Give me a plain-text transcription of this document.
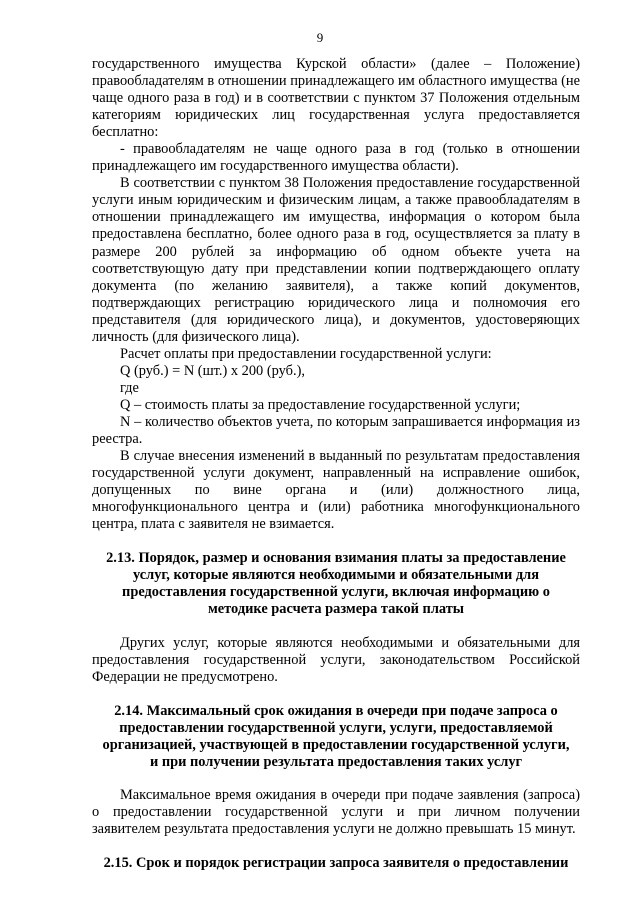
9

государственного имущества Курской области» (далее – Положение) правообладателям в отношении принадлежащего им областного имущества (не чаще одного раза в год) и в соответствии с пунктом 37 Положения отдельным категориям юридических лиц государственная услуга предоставляется бесплатно:

- правообладателям не чаще одного раза в год (только в отношении принадлежащего им государственного имущества области).

В соответствии с пунктом 38 Положения предоставление государственной услуги иным юридическим и физическим лицам, а также правообладателям в отношении принадлежащего им имущества, информация о котором была предоставлена бесплатно, более одного раза в год, осуществляется за плату в размере 200 рублей за информацию об одном объекте учета на соответствующую дату при представлении копии подтверждающего оплату документа (по желанию заявителя), а также копий документов, подтверждающих регистрацию юридического лица и полномочия его представителя (для юридического лица), и документов, удостоверяющих личность (для физического лица).

Расчет оплаты при предоставлении государственной услуги:

Q (руб.) = N (шт.) х 200 (руб.),

где

Q – стоимость платы за предоставление государственной услуги;

N – количество объектов учета, по которым запрашивается информация из реестра.

В случае внесения изменений в выданный по результатам предоставления государственной услуги документ, направленный на исправление ошибок, допущенных по вине органа и (или) должностного лица, многофункционального центра и (или) работника многофункционального центра, плата с заявителя не взимается.

2.13. Порядок, размер и основания взимания платы за предоставление услуг, которые являются необходимыми и обязательными для предоставления государственной услуги, включая информацию о методике расчета размера такой платы

Других услуг, которые являются необходимыми и обязательными для предоставления государственной услуги, законодательством Российской Федерации не предусмотрено.

2.14. Максимальный срок ожидания в очереди при подаче запроса о предоставлении государственной услуги, услуги, предоставляемой организацией, участвующей в предоставлении государственной услуги, и при получении результата предоставления таких услуг

Максимальное время ожидания в очереди при подаче заявления (запроса) о предоставлении государственной услуги и при личном получении заявителем результата предоставления услуги не должно превышать 15 минут.

2.15. Срок и порядок регистрации запроса заявителя о предоставлении
